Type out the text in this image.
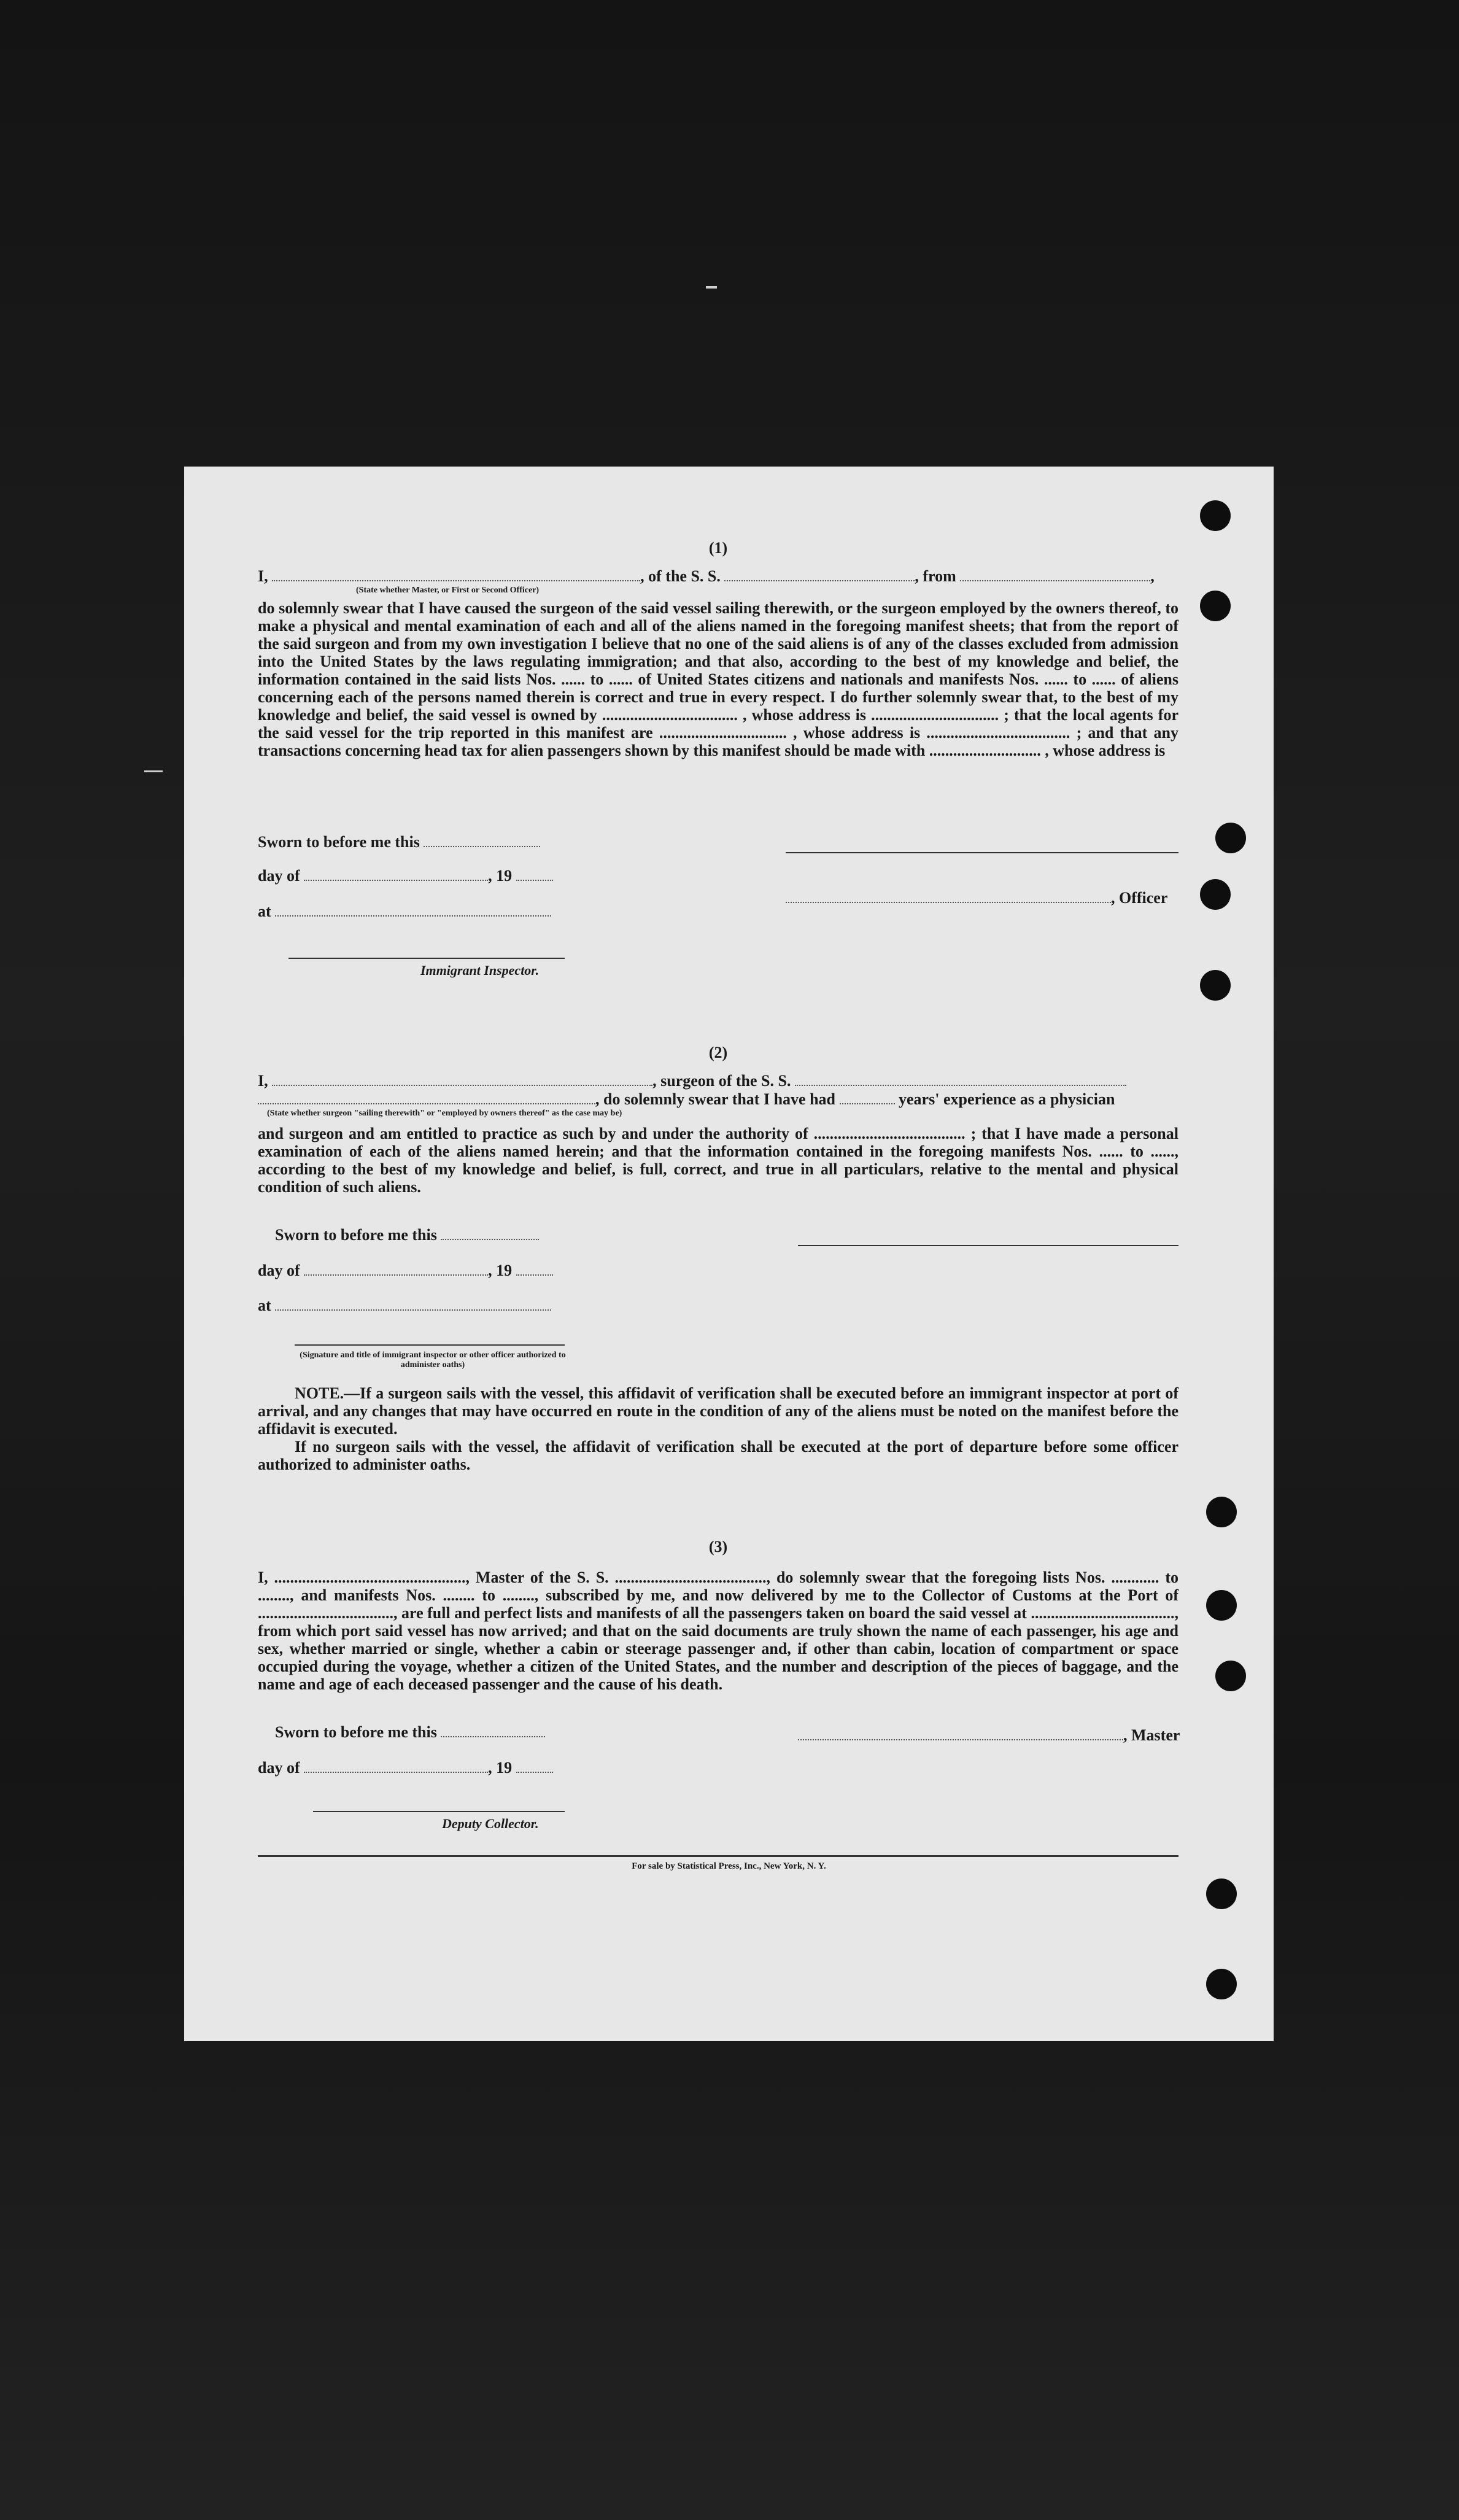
(1)
I,	, of the S. S.	, from	,
(State whether Master, or First or Second Officer)

do solemnly swear that I have caused the surgeon of the said vessel sailing therewith, or the surgeon employed by the owners thereof, to make a physical and mental examination of each and all of the aliens named in the foregoing manifest sheets; that from the report of the said surgeon and from my own investigation I believe that no one of the said aliens is of any of the classes excluded from admission into the United States by the laws regulating immigration; and that also, according to the best of my knowledge and belief, the information contained in the said lists Nos. ...... to ...... of United States citizens and nationals and manifests Nos. ...... to ...... of aliens concerning each of the persons named therein is correct and true in every respect. I do further solemnly swear that, to the best of my knowledge and belief, the said vessel is owned by .................................. , whose address is ................................ ; that the local agents for the said vessel for the trip reported in this manifest are ................................ , whose address is .................................... ; and that any transactions concerning head tax for alien passengers shown by this manifest should be made with ............................ , whose address is

Sworn to before me this
day of	, 19
at
Immigrant Inspector.
, Officer
(2)
I,	, surgeon of the S. S.
, do solemnly swear that I have had	years' experience as a physician
(State whether surgeon "sailing therewith" or "employed by owners thereof" as the case may be)

and surgeon and am entitled to practice as such by and under the authority of ...................................... ; that I have made a personal examination of each of the aliens named herein; and that the information contained in the foregoing manifests Nos. ...... to ......, according to the best of my knowledge and belief, is full, correct, and true in all particulars, relative to the mental and physical condition of such aliens.

Sworn to before me this
day of	, 19
at
(Signature and title of immigrant inspector or other officer authorized to administer oaths)

NOTE.—If a surgeon sails with the vessel, this affidavit of verification shall be executed before an immigrant inspector at port of arrival, and any changes that may have occurred en route in the condition of any of the aliens must be noted on the manifest before the affidavit is executed.

If no surgeon sails with the vessel, the affidavit of verification shall be executed at the port of departure before some officer authorized to administer oaths.

(3)

I, ................................................, Master of the S. S. ......................................, do solemnly swear that the foregoing lists Nos. ............ to ........, and manifests Nos. ........ to ........, subscribed by me, and now delivered by me to the Collector of Customs at the Port of .................................., are full and perfect lists and manifests of all the passengers taken on board the said vessel at ...................................., from which port said vessel has now arrived; and that on the said documents are truly shown the name of each passenger, his age and sex, whether married or single, whether a cabin or steerage passenger and, if other than cabin, location of compartment or space occupied during the voyage, whether a citizen of the United States, and the number and description of the pieces of baggage, and the name and age of each deceased passenger and the cause of his death.

Sworn to before me this
day of	, 19
Deputy Collector.
, Master
For sale by Statistical Press, Inc., New York, N. Y.
